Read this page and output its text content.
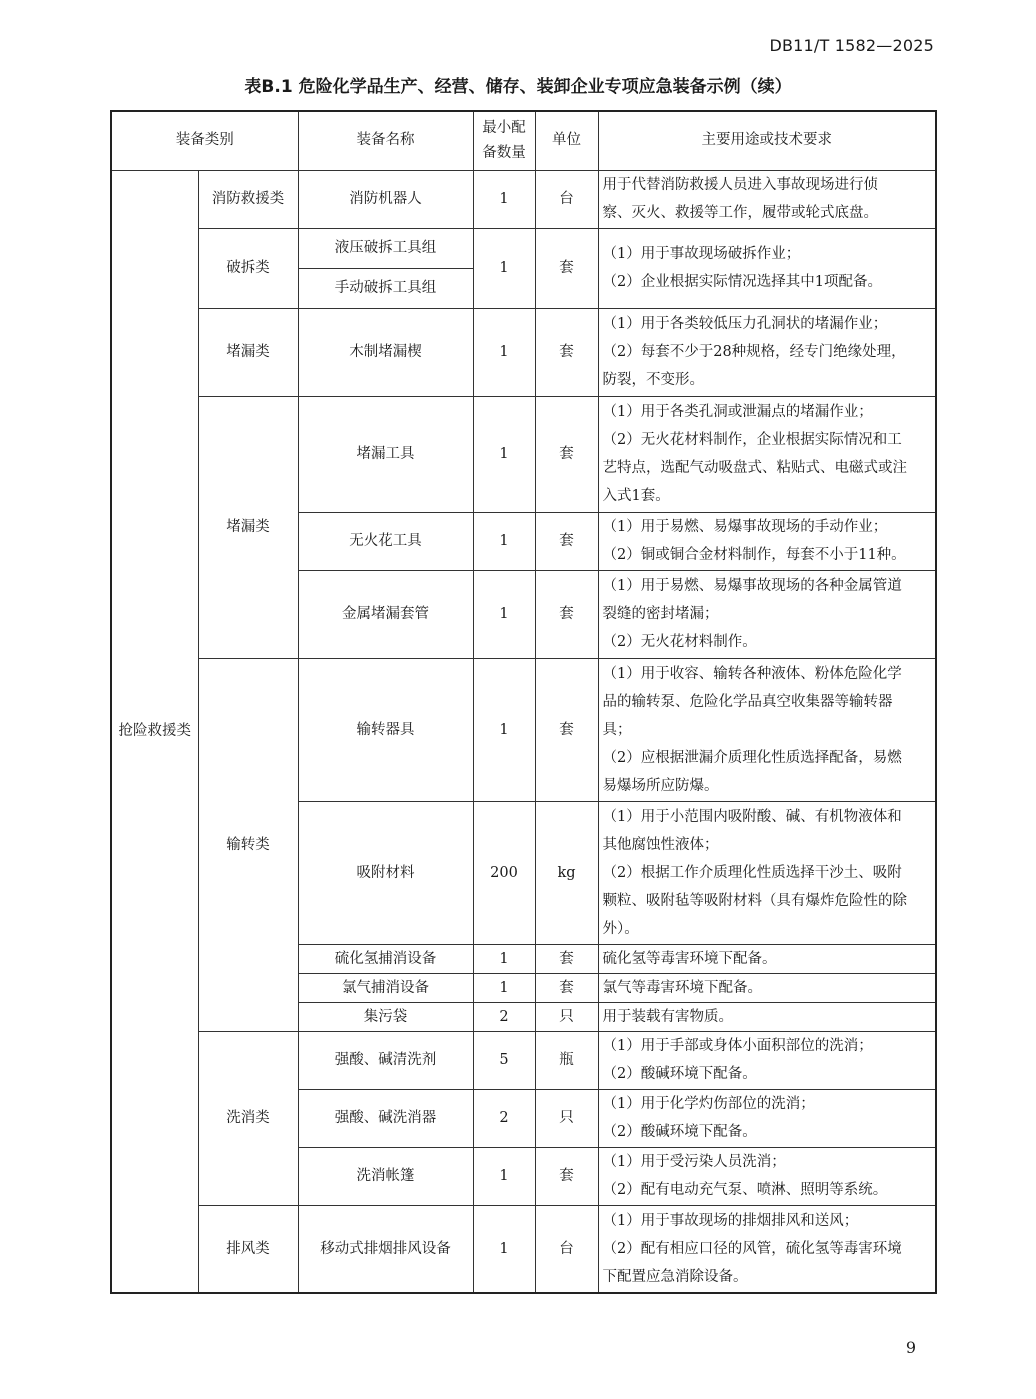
DB11/T 1582—2025
表B.1 危险化学品生产、经营、储存、装卸企业专项应急装备示例（续）
装备类别		装备名称	最小配
备数量	单位	主要用途或技术要求
抢险救援类	消防救援类	消防机器人	1	台	用于代替消防救援人员进入事故现场进行侦
察、灭火、救援等工作，履带或轮式底盘。

	破拆类	液压破拆工具组	1	套	（1）用于事故现场破拆作业；
（2）企业根据实际情况选择其中1项配备。

		手动破拆工具组			
	堵漏类	木制堵漏楔	1	套	（1）用于各类较低压力孔洞状的堵漏作业；
（2）每套不少于28种规格，经专门绝缘处理，
防裂，不变形。

	堵漏类	堵漏工具	1	套	（1）用于各类孔洞或泄漏点的堵漏作业；
（2）无火花材料制作，企业根据实际情况和工
艺特点，选配气动吸盘式、粘贴式、电磁式或注
入式1套。

		无火花工具	1	套	（1）用于易燃、易爆事故现场的手动作业；
（2）铜或铜合金材料制作，每套不小于11种。

		金属堵漏套管	1	套	（1）用于易燃、易爆事故现场的各种金属管道
裂缝的密封堵漏；
（2）无火花材料制作。

	输转类	输转器具	1	套	（1）用于收容、输转各种液体、粉体危险化学
品的输转泵、危险化学品真空收集器等输转器
具；
（2）应根据泄漏介质理化性质选择配备，易燃
易爆场所应防爆。

		吸附材料	200	kg	（1）用于小范围内吸附酸、碱、有机物液体和
其他腐蚀性液体；
（2）根据工作介质理化性质选择干沙土、吸附
颗粒、吸附毡等吸附材料（具有爆炸危险性的除
外）。

		硫化氢捕消设备	1	套	硫化氢等毒害环境下配备。
		氯气捕消设备	1	套	氯气等毒害环境下配备。
		集污袋	2	只	用于装载有害物质。
	洗消类	强酸、碱清洗剂	5	瓶	（1）用于手部或身体小面积部位的洗消；
（2）酸碱环境下配备。

		强酸、碱洗消器	2	只	（1）用于化学灼伤部位的洗消；
（2）酸碱环境下配备。

		洗消帐篷	1	套	（1）用于受污染人员洗消；
（2）配有电动充气泵、喷淋、照明等系统。

	排风类	移动式排烟排风设备	1	台	（1）用于事故现场的排烟排风和送风；
（2）配有相应口径的风管，硫化氢等毒害环境
下配置应急消除设备。
9
